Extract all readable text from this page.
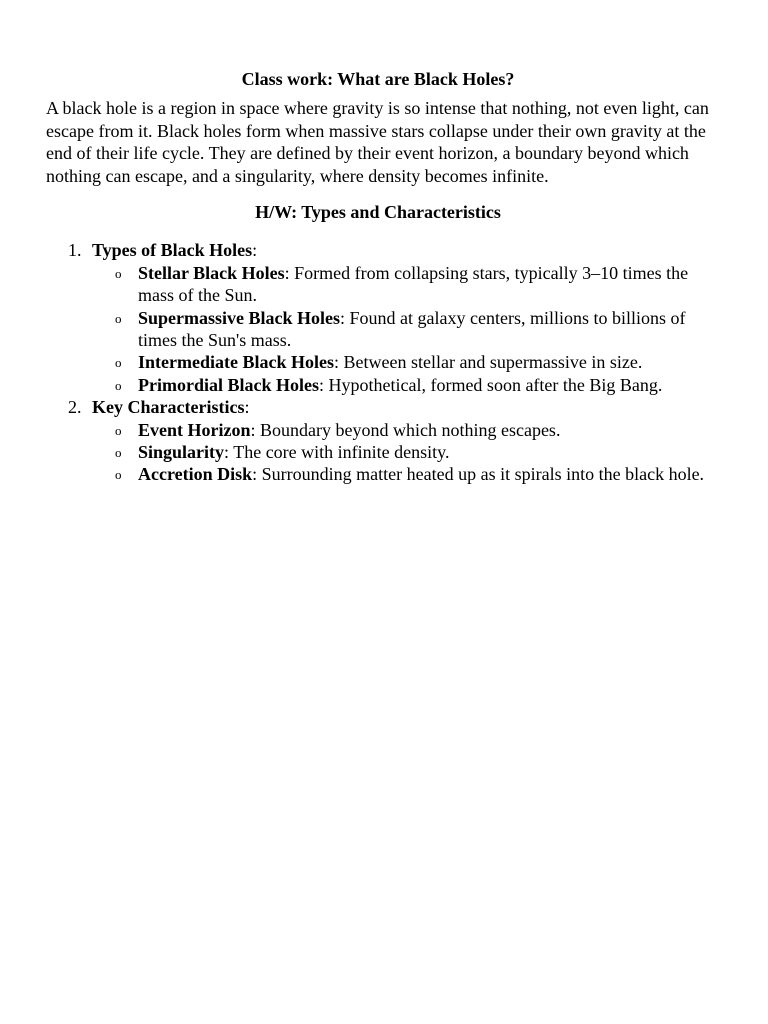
Class work: What are Black Holes?

A black hole is a region in space where gravity is so intense that nothing, not even light, can escape from it. Black holes form when massive stars collapse under their own gravity at the end of their life cycle. They are defined by their event horizon, a boundary beyond which nothing can escape, and a singularity, where density becomes infinite.

H/W: Types and Characteristics

1. Types of Black Holes:
o Stellar Black Holes: Formed from collapsing stars, typically 3–10 times the mass of the Sun.
o Supermassive Black Holes: Found at galaxy centers, millions to billions of times the Sun's mass.
o Intermediate Black Holes: Between stellar and supermassive in size.
o Primordial Black Holes: Hypothetical, formed soon after the Big Bang.
2. Key Characteristics:
o Event Horizon: Boundary beyond which nothing escapes.
o Singularity: The core with infinite density.
o Accretion Disk: Surrounding matter heated up as it spirals into the black hole.
